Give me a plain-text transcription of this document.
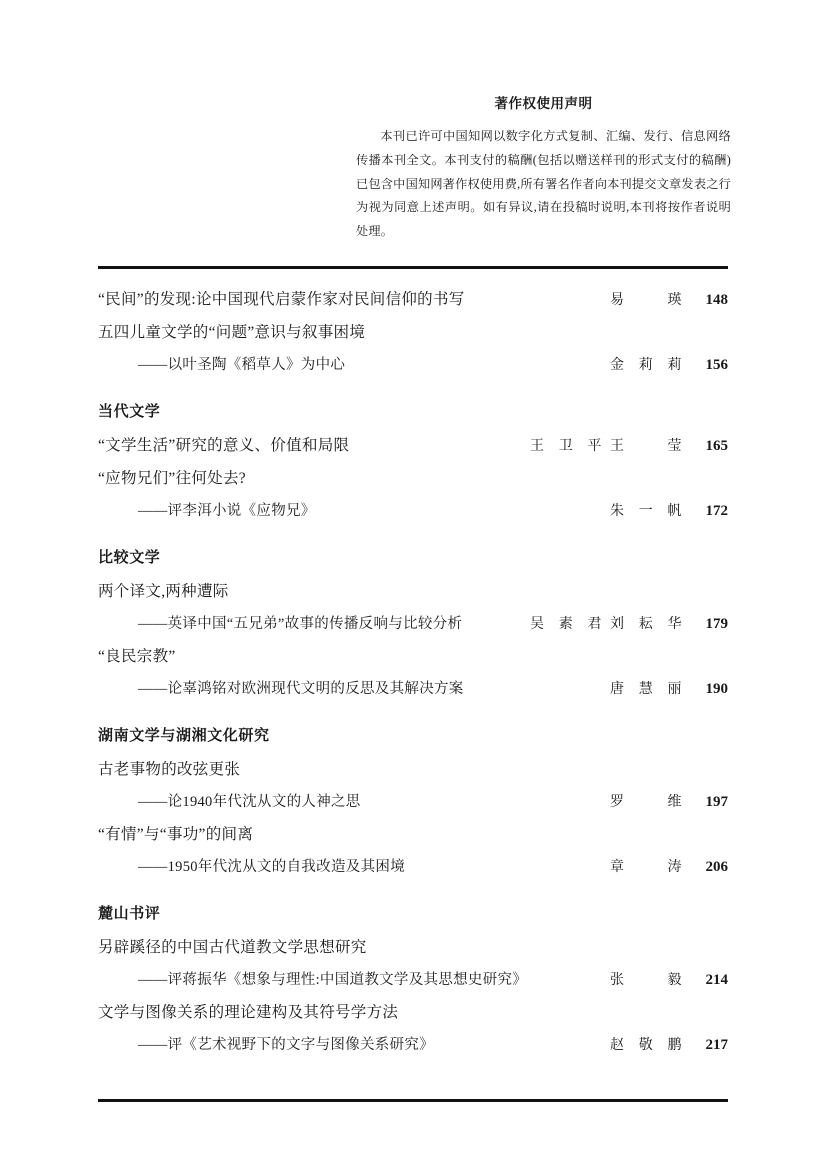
著作权使用声明
本刊已许可中国知网以数字化方式复制、汇编、发行、信息网络传播本刊全文。本刊支付的稿酬(包括以赠送样刊的形式支付的稿酬)已包含中国知网著作权使用费,所有署名作者向本刊提交文章发表之行为视为同意上述声明。如有异议,请在投稿时说明,本刊将按作者说明处理。
“民间”的发现:论中国现代启蒙作家对民间信仰的书写	易 瑛	148
五四儿童文学的“问题”意识与叙事困境
——以叶圣陶《稻草人》为中心	金莉莉	156
当代文学
“文学生活”研究的意义、价值和局限	王卫平 王 莹	165
“应物兄们”往何处去?
——评李洱小说《应物兄》	朱一帆	172
比较文学
两个译文,两种遭际
——英译中国“五兄弟”故事的传播反响与比较分析	吴素君 刘耘华	179
“良民宗教”
——论辜鸿铭对欧洲现代文明的反思及其解决方案	唐慧丽	190
湖南文学与湖湘文化研究
古老事物的改弦更张
——论1940年代沈从文的人神之思	罗 维	197
“有情”与“事功”的间离
——1950年代沈从文的自我改造及其困境	章 涛	206
麓山书评
另辟蹊径的中国古代道教文学思想研究
——评蒋振华《想象与理性:中国道教文学及其思想史研究》	张 毅	214
文学与图像关系的理论建构及其符号学方法
——评《艺术视野下的文字与图像关系研究》	赵敬鹏	217
